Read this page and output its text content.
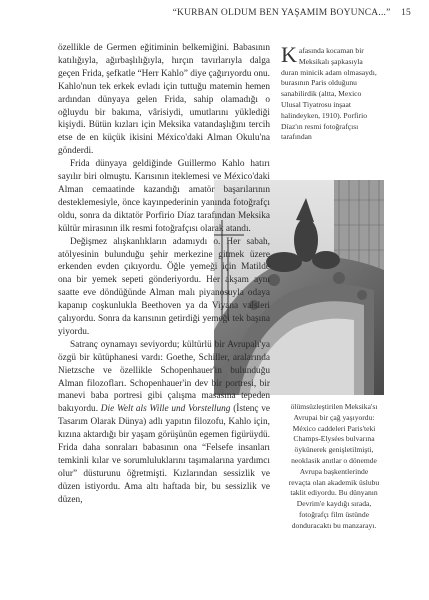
“KURBAN OLDUM BEN YAŞAMIM BOYUNCA...” 15
Kafasında kocaman bir Meksikalı şapkasıyla duran minicik adam olmasaydı, burasının Paris olduğunu sanabilirdik (altta, Mexico Ulusal Tiyatrosu inşaat halindeyken, 1910). Porfirio Díaz'ın resmi fotoğrafçısı tarafından

özellikle de Germen eğitiminin belkemiğini. Babasının katılığıyla, ağırbaşlılığıyla, hırçın tavırlarıyla dalga geçen Frida, şefkatle “Herr Kahlo” diye çağırıyordu onu. Kahlo'nun tek erkek evladı için tuttuğu matemin hemen ardından dünyaya gelen Frida, sahip olamadığı o oğluydu bir bakıma, vârisiydi, umutlarını yüklediği kişiydi. Bütün kızları için Meksika vatandaşlığını tercih etse de en küçük ikisini México'daki Alman Okulu'na gönderdi.

Frida dünyaya geldiğinde Guillermo Kahlo hatırı sayılır biri olmuştu. Karısının iteklemesi ve México'daki Alman cemaatinde kazandığı amatör başarılarının desteklemesiyle, önce kayınpederinin yanında fotoğrafçı oldu, sonra da diktatör Porfirio Díaz tarafından Meksika kültür mirasının ilk resmi fotoğrafçısı olarak atandı.

Değişmez alışkanlıkların adamıydı o. Her sabah, atölyesinin bulunduğu şehir merkezine gitmek üzere erkenden evden çıkıyordu. Öğle yemeği için Matilde ona bir yemek sepeti gönderiyordu. Her akşam aynı saatte eve döndüğünde Alman malı piyanosuyla odaya kapanıp coşkunlukla Beethoven ya da Viyana valsleri çalıyordu. Sonra da karısının getirdiği yemeği tek başına yiyordu.

Satranç oynamayı seviyordu; kültürlü bir Avrupalı'ya özgü bir kütüphanesi vardı: Goethe, Schiller, aralarında Nietzsche ve özellikle Schopenhauer'in bulunduğu Alman filozofları. Schopenhauer'in dev bir portresi, bir manevi baba portresi gibi çalışma masasına tepeden bakıyordu. Die Welt als Wille und Vorstellung (İstenç ve Tasarım Olarak Dünya) adlı yapıtın filozofu, Kahlo için, kızına aktardığı bir yaşam görüşünün egemen figürüydü. Frida daha sonraları babasının ona “Felsefe insanları temkinli kılar ve sorumluluklarını taşımalarına yardımcı olur” düsturunu öğretmişti. Kızlarından sessizlik ve düzen istiyordu. Ama altı haftada bir, bu sessizlik ve düzen,

ölümsüzleştirilen Meksika'sı Avrupai bir çağ yaşıyordu: México caddeleri Paris'teki Champs-Elysées bulvarına öykünerek genişletilmişti, neoklasik anıtlar o dönemde Avrupa başkentlerinde revaçta olan akademik üslubu taklit ediyordu. Bu dünyanın Devrim'e kaydığı sırada, fotoğrafçı film üstünde donduracaktı bu manzarayı.
